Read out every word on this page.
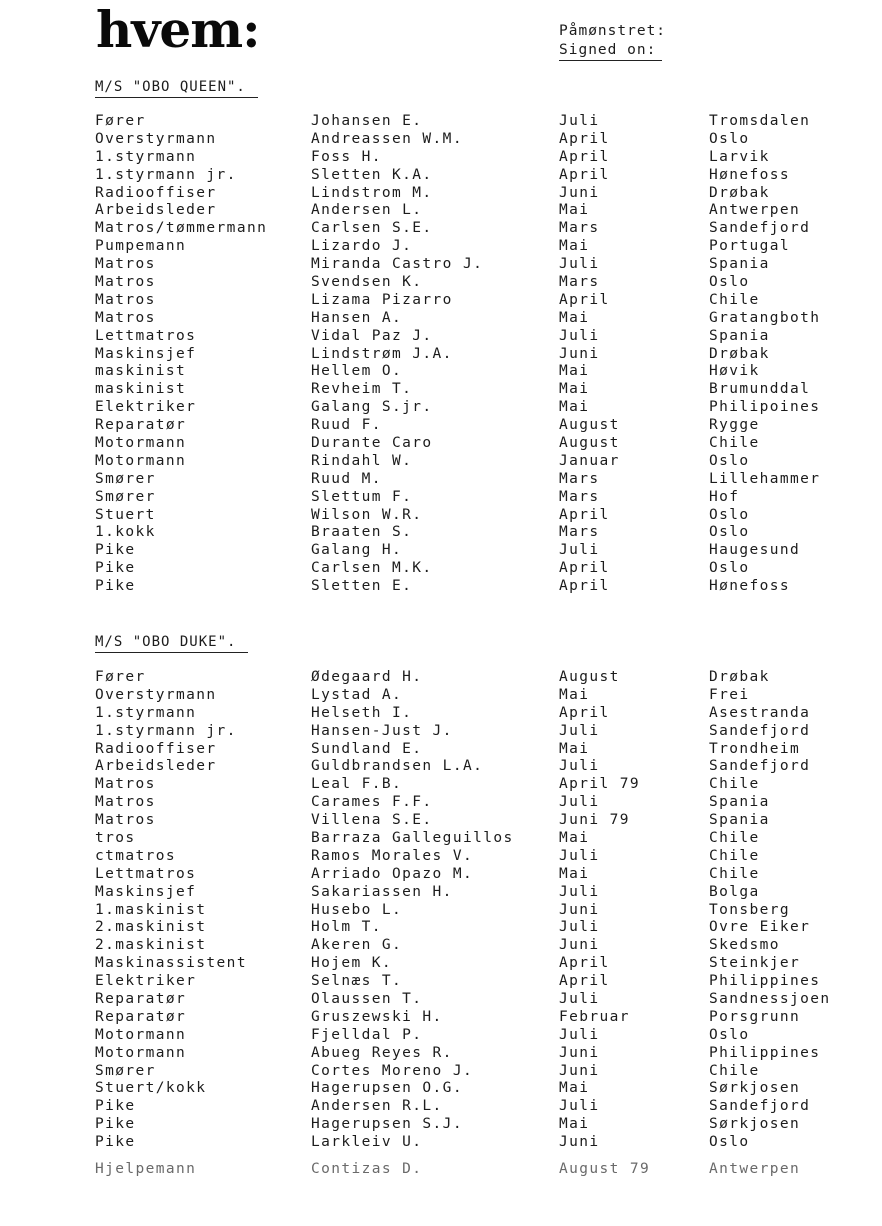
hvem:	Påmønstret:
Signed on:
M/S "OBO QUEEN".
Fører	Johansen E.	Juli	Tromsdalen
Overstyrmann	Andreassen W.M.	April	Oslo
1.styrmann	Foss H.	April	Larvik
1.styrmann jr.	Sletten K.A.	April	Hønefoss
Radiooffiser	Lindstrom M.	Juni	Drøbak
Arbeidsleder	Andersen L.	Mai	Antwerpen
Matros/tømmermann	Carlsen S.E.	Mars	Sandefjord
Pumpemann	Lizardo J.	Mai	Portugal
Matros	Miranda Castro J.	Juli	Spania
Matros	Svendsen K.	Mars	Oslo
Matros	Lizama Pizarro	April	Chile
Matros	Hansen A.	Mai	Gratangboth
Lettmatros	Vidal Paz J.	Juli	Spania
Maskinsjef	Lindstrøm J.A.	Juni	Drøbak
maskinist	Hellem O.	Mai	Høvik
maskinist	Revheim T.	Mai	Brumunddal
Elektriker	Galang S.jr.	Mai	Philipoines
Reparatør	Ruud F.	August	Rygge
Motormann	Durante Caro	August	Chile
Motormann	Rindahl W.	Januar	Oslo
Smører	Ruud M.	Mars	Lillehammer
Smører	Slettum F.	Mars	Hof
Stuert	Wilson W.R.	April	Oslo
1.kokk	Braaten S.	Mars	Oslo
Pike	Galang H.	Juli	Haugesund
Pike	Carlsen M.K.	April	Oslo
Pike	Sletten E.	April	Hønefoss
M/S "OBO DUKE".
Fører	Ødegaard H.	August	Drøbak
Overstyrmann	Lystad A.	Mai	Frei
1.styrmann	Helseth I.	April	Asestranda
1.styrmann jr.	Hansen-Just J.	Juli	Sandefjord
Radiooffiser	Sundland E.	Mai	Trondheim
Arbeidsleder	Guldbrandsen L.A.	Juli	Sandefjord
Matros	Leal F.B.	April 79	Chile
Matros	Carames F.F.	Juli	Spania
Matros	Villena S.E.	Juni 79	Spania
tros	Barraza Galleguillos	Mai	Chile
ctmatros	Ramos Morales V.	Juli	Chile
Lettmatros	Arriado Opazo M.	Mai	Chile
Maskinsjef	Sakariassen H.	Juli	Bolga
1.maskinist	Husebo L.	Juni	Tonsberg
2.maskinist	Holm T.	Juli	Ovre Eiker
2.maskinist	Akeren G.	Juni	Skedsmo
Maskinassistent	Hojem K.	April	Steinkjer
Elektriker	Selnæs T.	April	Philippines
Reparatør	Olaussen T.	Juli	Sandnessjoen
Reparatør	Gruszewski H.	Februar	Porsgrunn
Motormann	Fjelldal P.	Juli	Oslo
Motormann	Abueg Reyes R.	Juni	Philippines
Smører	Cortes Moreno J.	Juni	Chile
Stuert/kokk	Hagerupsen O.G.	Mai	Sørkjosen
Pike	Andersen R.L.	Juli	Sandefjord
Pike	Hagerupsen S.J.	Mai	Sørkjosen
Pike	Larkleiv U.	Juni	Oslo
Hjelpemann	Contizas D.	August 79	Antwerpen
